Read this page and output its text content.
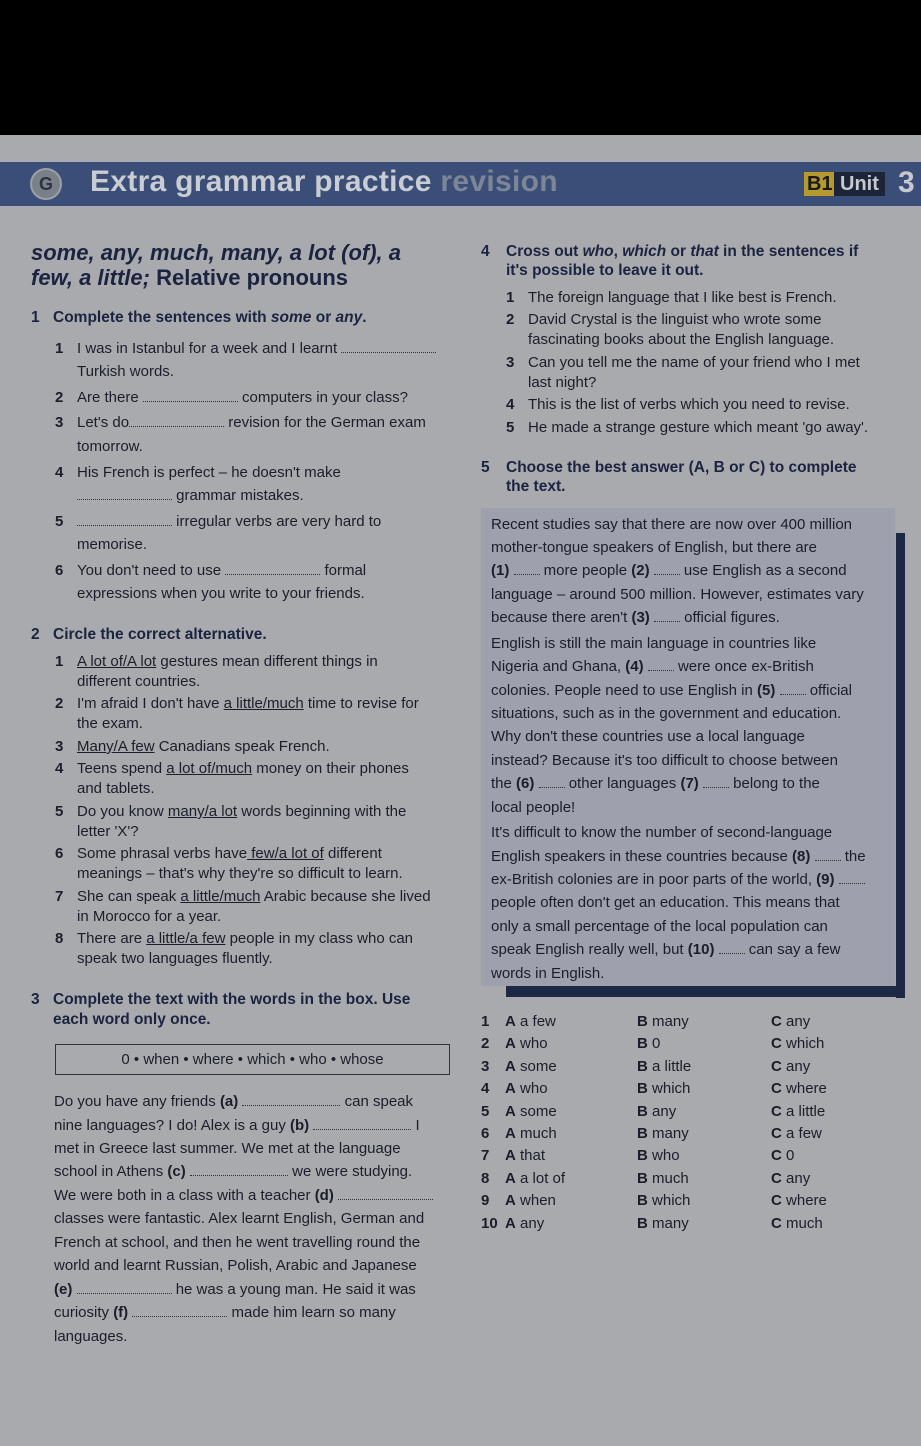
G Extra grammar practice revision	B1 Unit 3
some, any, much, many, a lot (of), a
few, a little; Relative pronouns
1 Complete the sentences with some or any.
1 I was in Istanbul for a week and I learnt
Turkish words.
2 Are there	computers in your class?
3 Let's do	revision for the German exam
tomorrow.
4 His French is perfect – he doesn't make
grammar mistakes.
5	irregular verbs are very hard to
memorise.
6 You don't need to use	formal
expressions when you write to your friends.
2 Circle the correct alternative.
1 A lot of/A lot gestures mean different things in
different countries.
2 I'm afraid I don't have a little/much time to revise for
the exam.
3 Many/A few Canadians speak French.
4 Teens spend a lot of/much money on their phones
and tablets.
5 Do you know many/a lot words beginning with the
letter 'X'?
6 Some phrasal verbs have few/a lot of different
meanings – that's why they're so difficult to learn.
7 She can speak a little/much Arabic because she lived
in Morocco for a year.
8 There are a little/a few people in my class who can
speak two languages fluently.
3 Complete the text with the words in the box. Use
each word only once.
0 • when • where • which • who • whose
Do you have any friends (a)	can speak
nine languages? I do! Alex is a guy (b)	I
met in Greece last summer. We met at the language
school in Athens (c)	we were studying.
We were both in a class with a teacher (d)
classes were fantastic. Alex learnt English, German and
French at school, and then he went travelling round the
world and learnt Russian, Polish, Arabic and Japanese
(e)	he was a young man. He said it was
curiosity (f)	made him learn so many
languages.
4 Cross out who, which or that in the sentences if
it's possible to leave it out.
1 The foreign language that I like best is French.
2 David Crystal is the linguist who wrote some
fascinating books about the English language.
3 Can you tell me the name of your friend who I met
last night?
4 This is the list of verbs which you need to revise.
5 He made a strange gesture which meant 'go away'.
5 Choose the best answer (A, B or C) to complete
the text.
Recent studies say that there are now over 400 million
mother-tongue speakers of English, but there are
(1)  more people (2)  use English as a second
language – around 500 million. However, estimates vary
because there aren't (3)  official figures.
English is still the main language in countries like
Nigeria and Ghana, (4)  were once ex-British
colonies. People need to use English in (5)  official
situations, such as in the government and education.
Why don't these countries use a local language
instead? Because it's too difficult to choose between
the (6)  other languages (7)  belong to the
local people!
It's difficult to know the number of second-language
English speakers in these countries because (8)  the
ex-British colonies are in poor parts of the world, (9)
people often don't get an education. This means that
only a small percentage of the local population can
speak English really well, but (10)  can say a few
words in English.
1 A a few	B many	C any
2 A who	B 0	C which
3 A some	B a little	C any
4 A who	B which	C where
5 A some	B any	C a little
6 A much	B many	C a few
7 A that	B who	C 0
8 A a lot of	B much	C any
9 A when	B which	C where
10 A any	B many	C much
